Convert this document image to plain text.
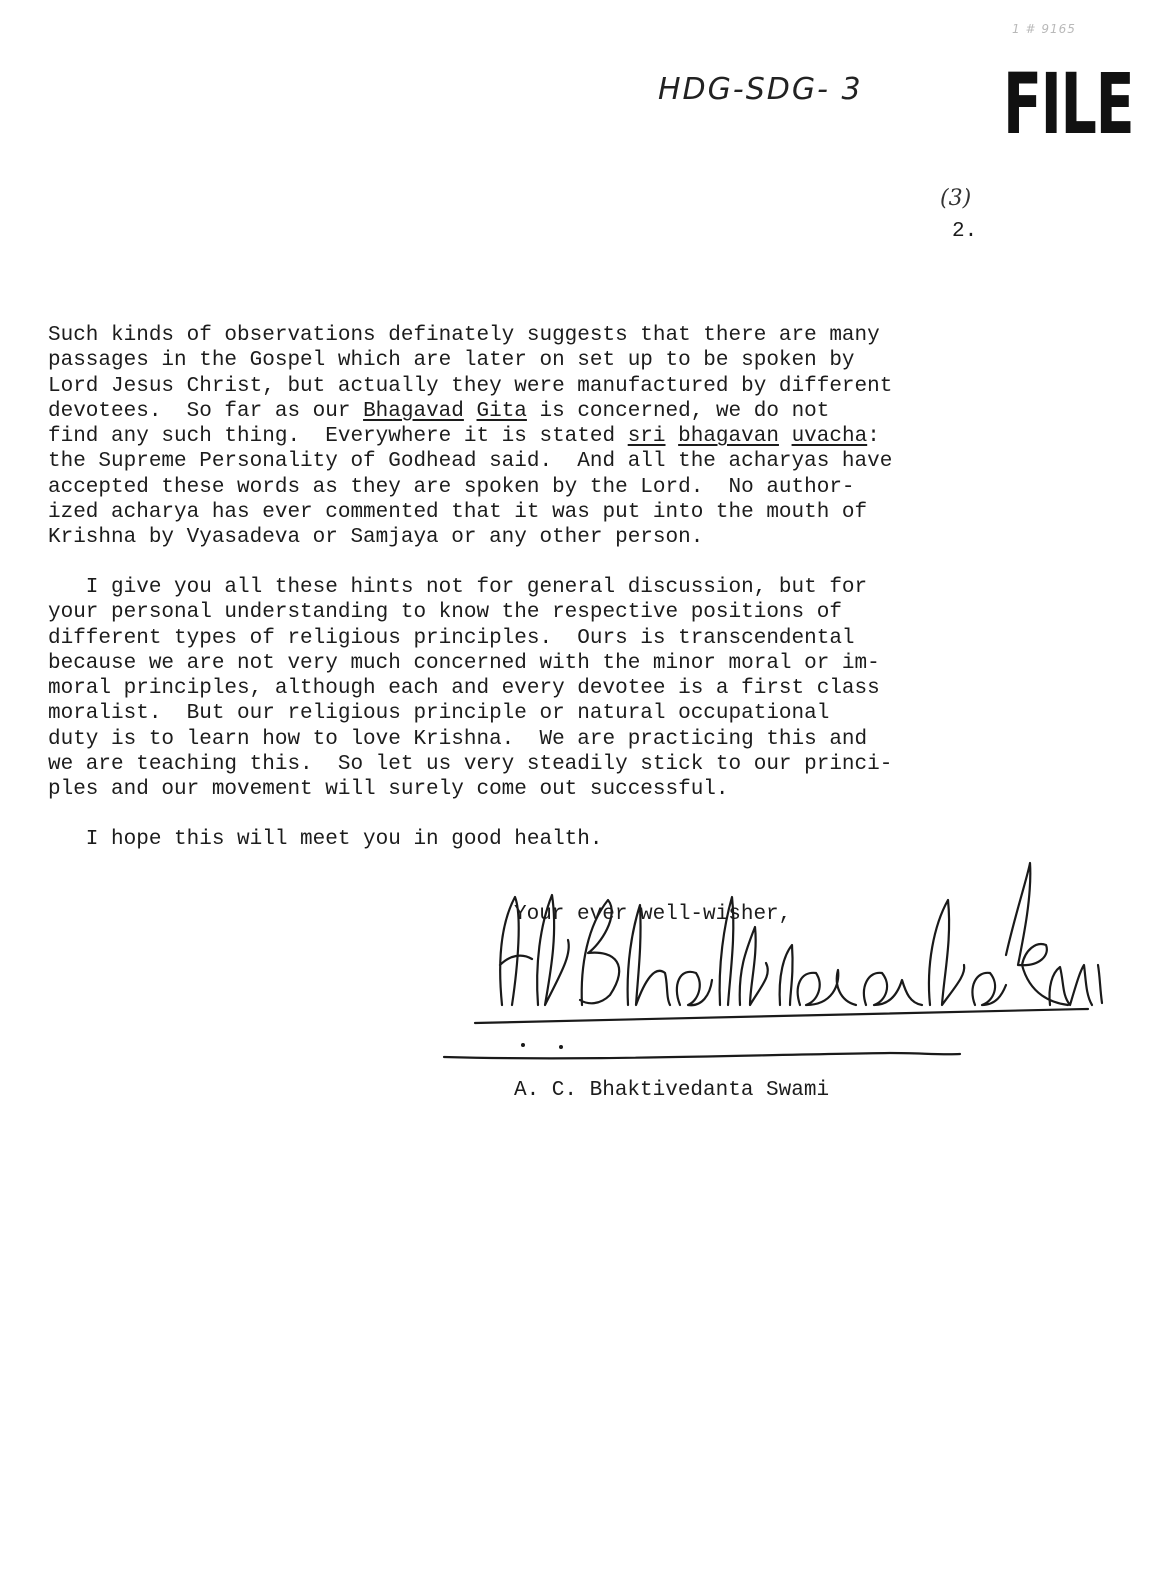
1 # 9165
HDG-SDG- 3 FILE
(3)
2.
Such kinds of observations definately suggests that there are many
passages in the Gospel which are later on set up to be spoken by
Lord Jesus Christ, but actually they were manufactured by different
devotees.  So far as our Bhagavad Gita is concerned, we do not
find any such thing.  Everywhere it is stated sri bhagavan uvacha:
the Supreme Personality of Godhead said.  And all the acharyas have
accepted these words as they are spoken by the Lord.  No author-
ized acharya has ever commented that it was put into the mouth of
Krishna by Vyasadeva or Samjaya or any other person.
I give you all these hints not for general discussion, but for
your personal understanding to know the respective positions of
different types of religious principles.  Ours is transcendental
because we are not very much concerned with the minor moral or im-
moral principles, although each and every devotee is a first class
moralist.  But our religious principle or natural occupational
duty is to learn how to love Krishna.  We are practicing this and
we are teaching this.  So let us very steadily stick to our princi-
ples and our movement will surely come out successful.
I hope this will meet you in good health.
Your ever well-wisher,
A. C. Bhaktivedanta Swami
